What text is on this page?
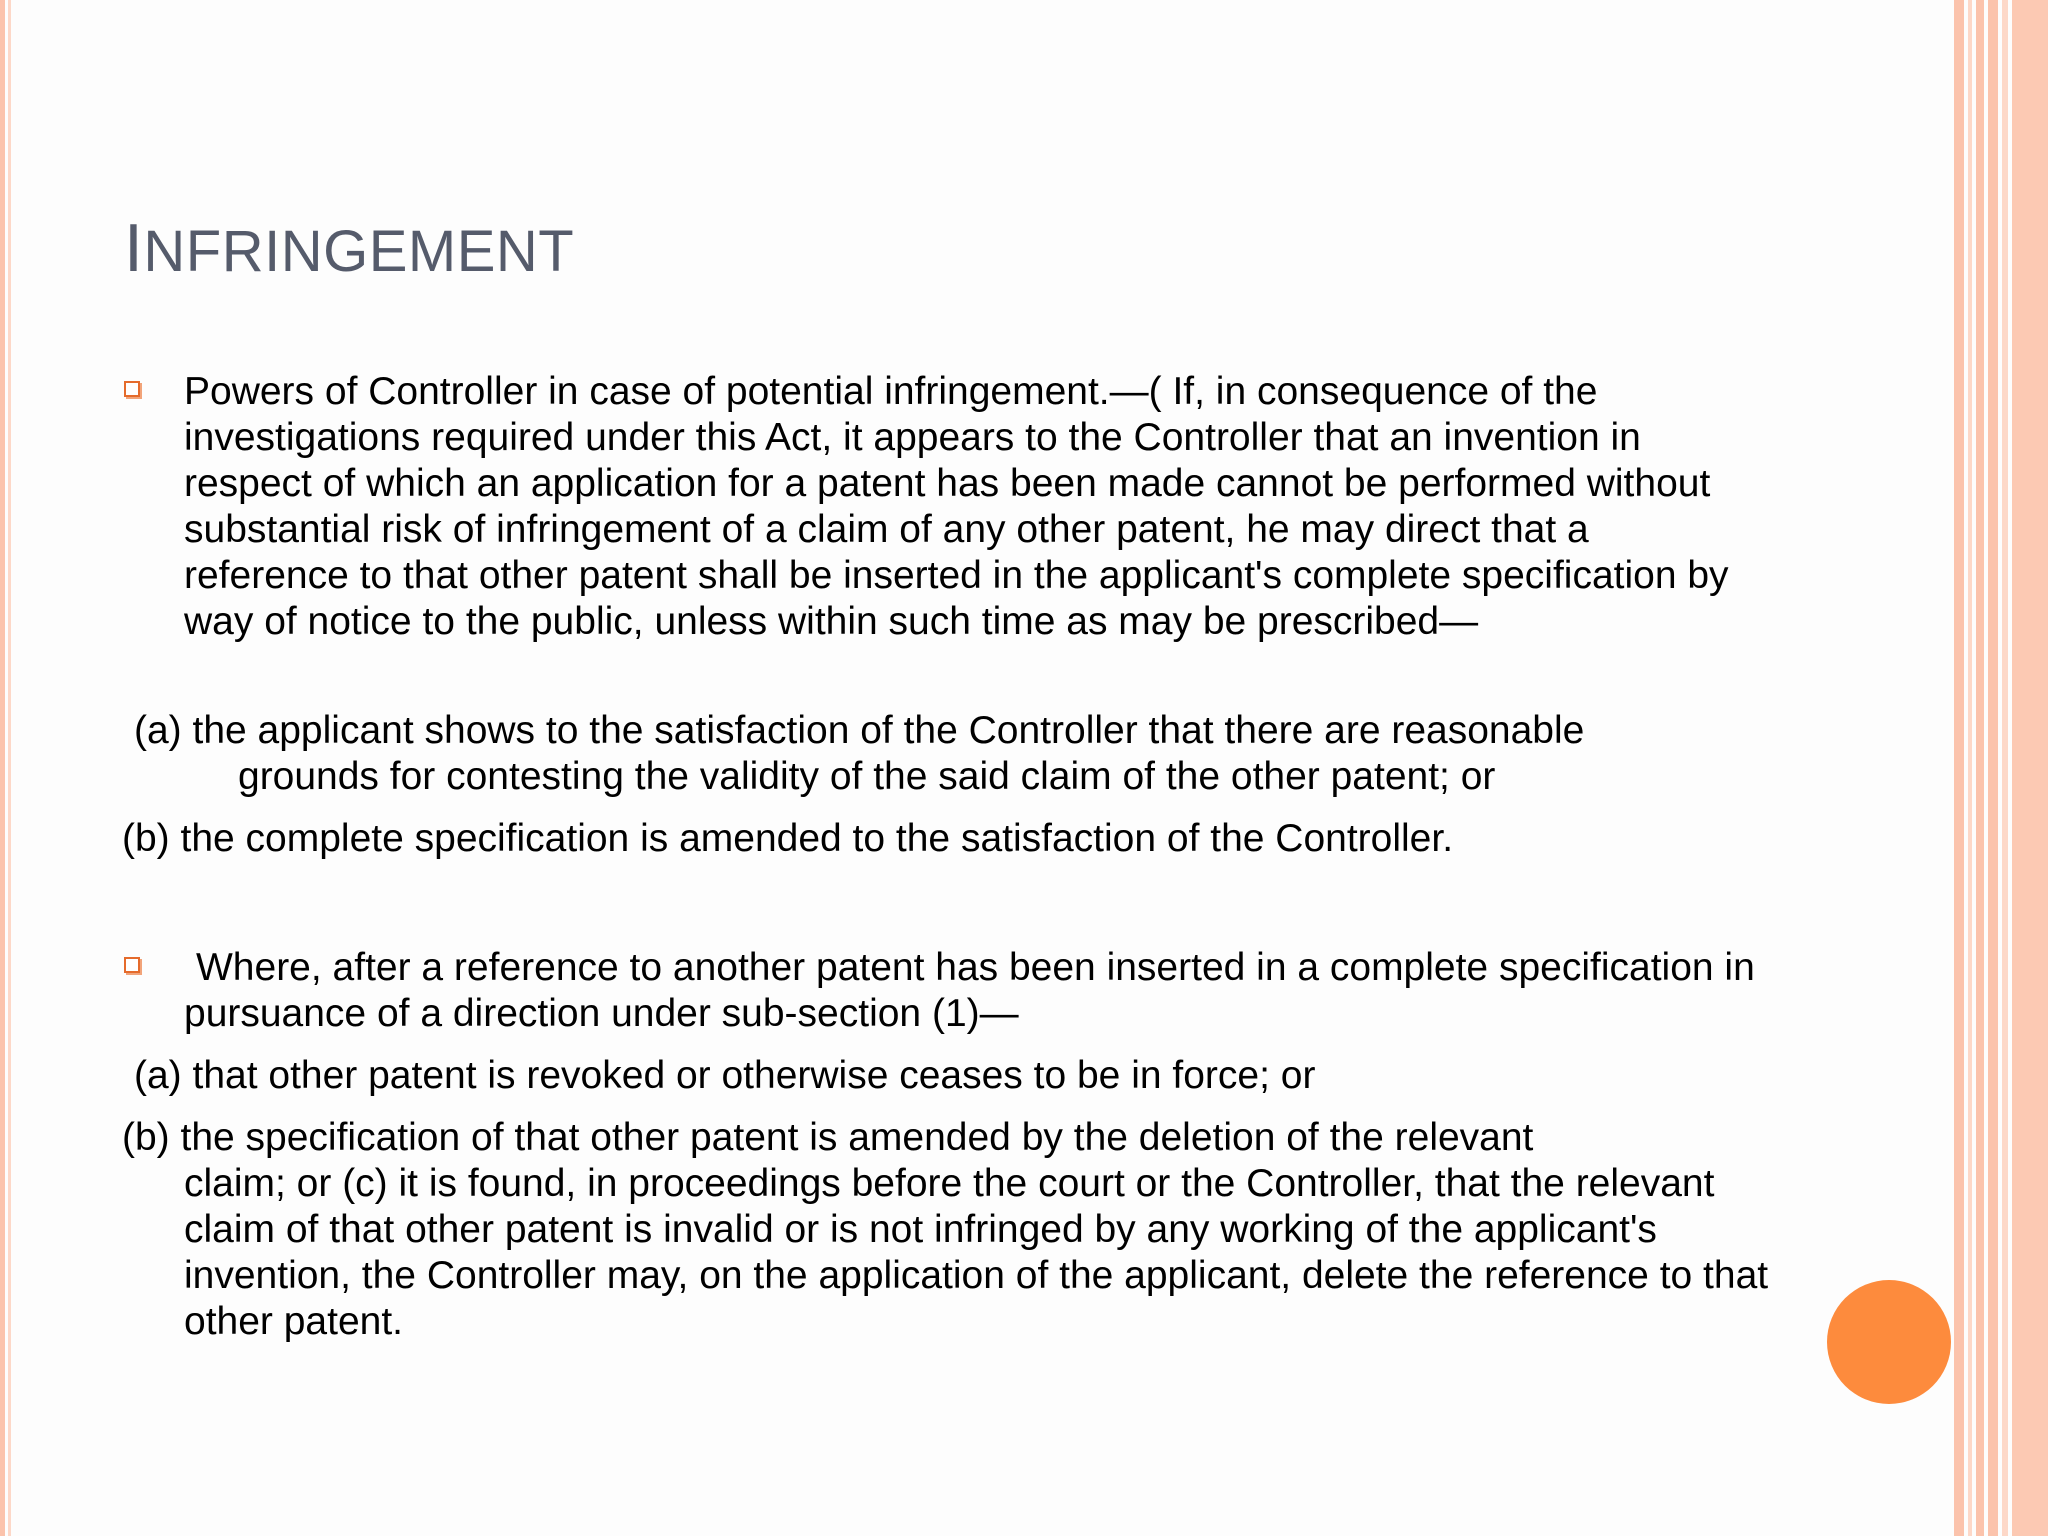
INFRINGEMENT
Powers of Controller in case of potential infringement.—( If, in consequence of the investigations required under this Act, it appears to the Controller that an invention in respect of which an application for a patent has been made cannot be performed without substantial risk of infringement of a claim of any other patent, he may direct that a reference to that other patent shall be inserted in the applicant's complete specification by way of notice to the public, unless within such time as may be prescribed—
(a) the applicant shows to the satisfaction of the Controller that there are reasonable
grounds for contesting the validity of the said claim of the other patent; or
(b) the complete specification is amended to the satisfaction of the Controller.
Where, after a reference to another patent has been inserted in a complete specification in pursuance of a direction under sub-section (1)—
(a) that other patent is revoked or otherwise ceases to be in force; or
(b) the specification of that other patent is amended by the deletion of the relevant
claim; or (c) it is found, in proceedings before the court or the Controller, that the relevant claim of that other patent is invalid or is not infringed by any working of the applicant's invention, the Controller may, on the application of the applicant, delete the reference to that other patent.
